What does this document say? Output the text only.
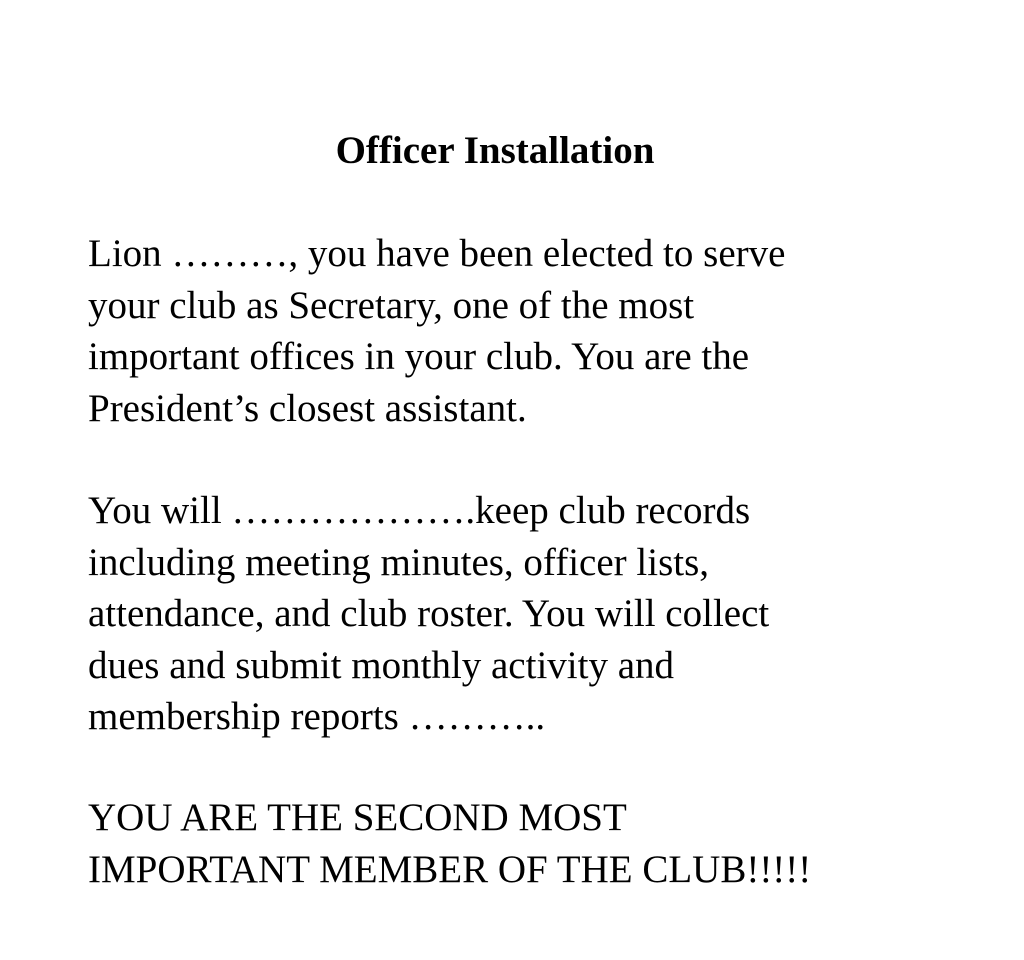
Officer Installation

Lion ………, you have been elected to serve
your club as Secretary, one of the most
important offices in your club. You are the
President’s closest assistant.

You will ……………….keep club records
including meeting minutes, officer lists,
attendance, and club roster. You will collect
dues and submit monthly activity and
membership reports ………..

YOU ARE THE SECOND MOST
IMPORTANT MEMBER OF THE CLUB!!!!!
